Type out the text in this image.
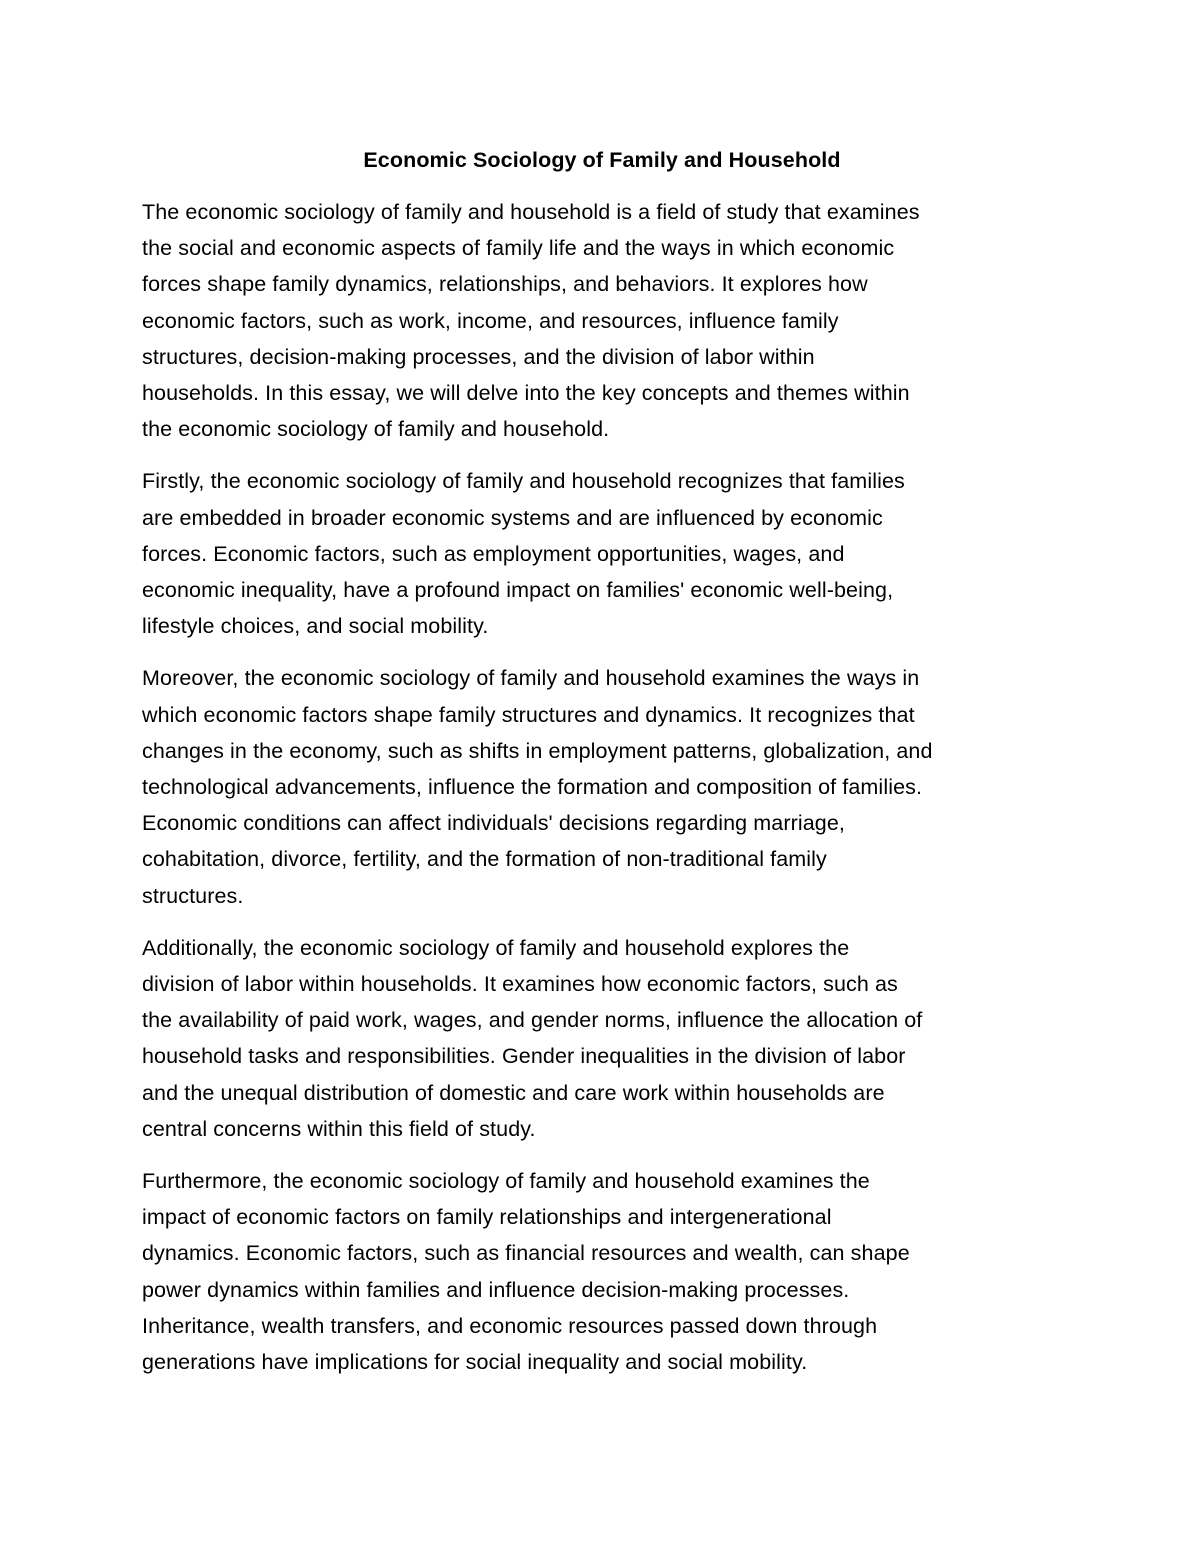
Economic Sociology of Family and Household

The economic sociology of family and household is a field of study that examines
the social and economic aspects of family life and the ways in which economic
forces shape family dynamics, relationships, and behaviors. It explores how
economic factors, such as work, income, and resources, influence family
structures, decision-making processes, and the division of labor within
households. In this essay, we will delve into the key concepts and themes within
the economic sociology of family and household.

Firstly, the economic sociology of family and household recognizes that families
are embedded in broader economic systems and are influenced by economic
forces. Economic factors, such as employment opportunities, wages, and
economic inequality, have a profound impact on families' economic well-being,
lifestyle choices, and social mobility.

Moreover, the economic sociology of family and household examines the ways in
which economic factors shape family structures and dynamics. It recognizes that
changes in the economy, such as shifts in employment patterns, globalization, and
technological advancements, influence the formation and composition of families.
Economic conditions can affect individuals' decisions regarding marriage,
cohabitation, divorce, fertility, and the formation of non-traditional family
structures.

Additionally, the economic sociology of family and household explores the
division of labor within households. It examines how economic factors, such as
the availability of paid work, wages, and gender norms, influence the allocation of
household tasks and responsibilities. Gender inequalities in the division of labor
and the unequal distribution of domestic and care work within households are
central concerns within this field of study.

Furthermore, the economic sociology of family and household examines the
impact of economic factors on family relationships and intergenerational
dynamics. Economic factors, such as financial resources and wealth, can shape
power dynamics within families and influence decision-making processes.
Inheritance, wealth transfers, and economic resources passed down through
generations have implications for social inequality and social mobility.
